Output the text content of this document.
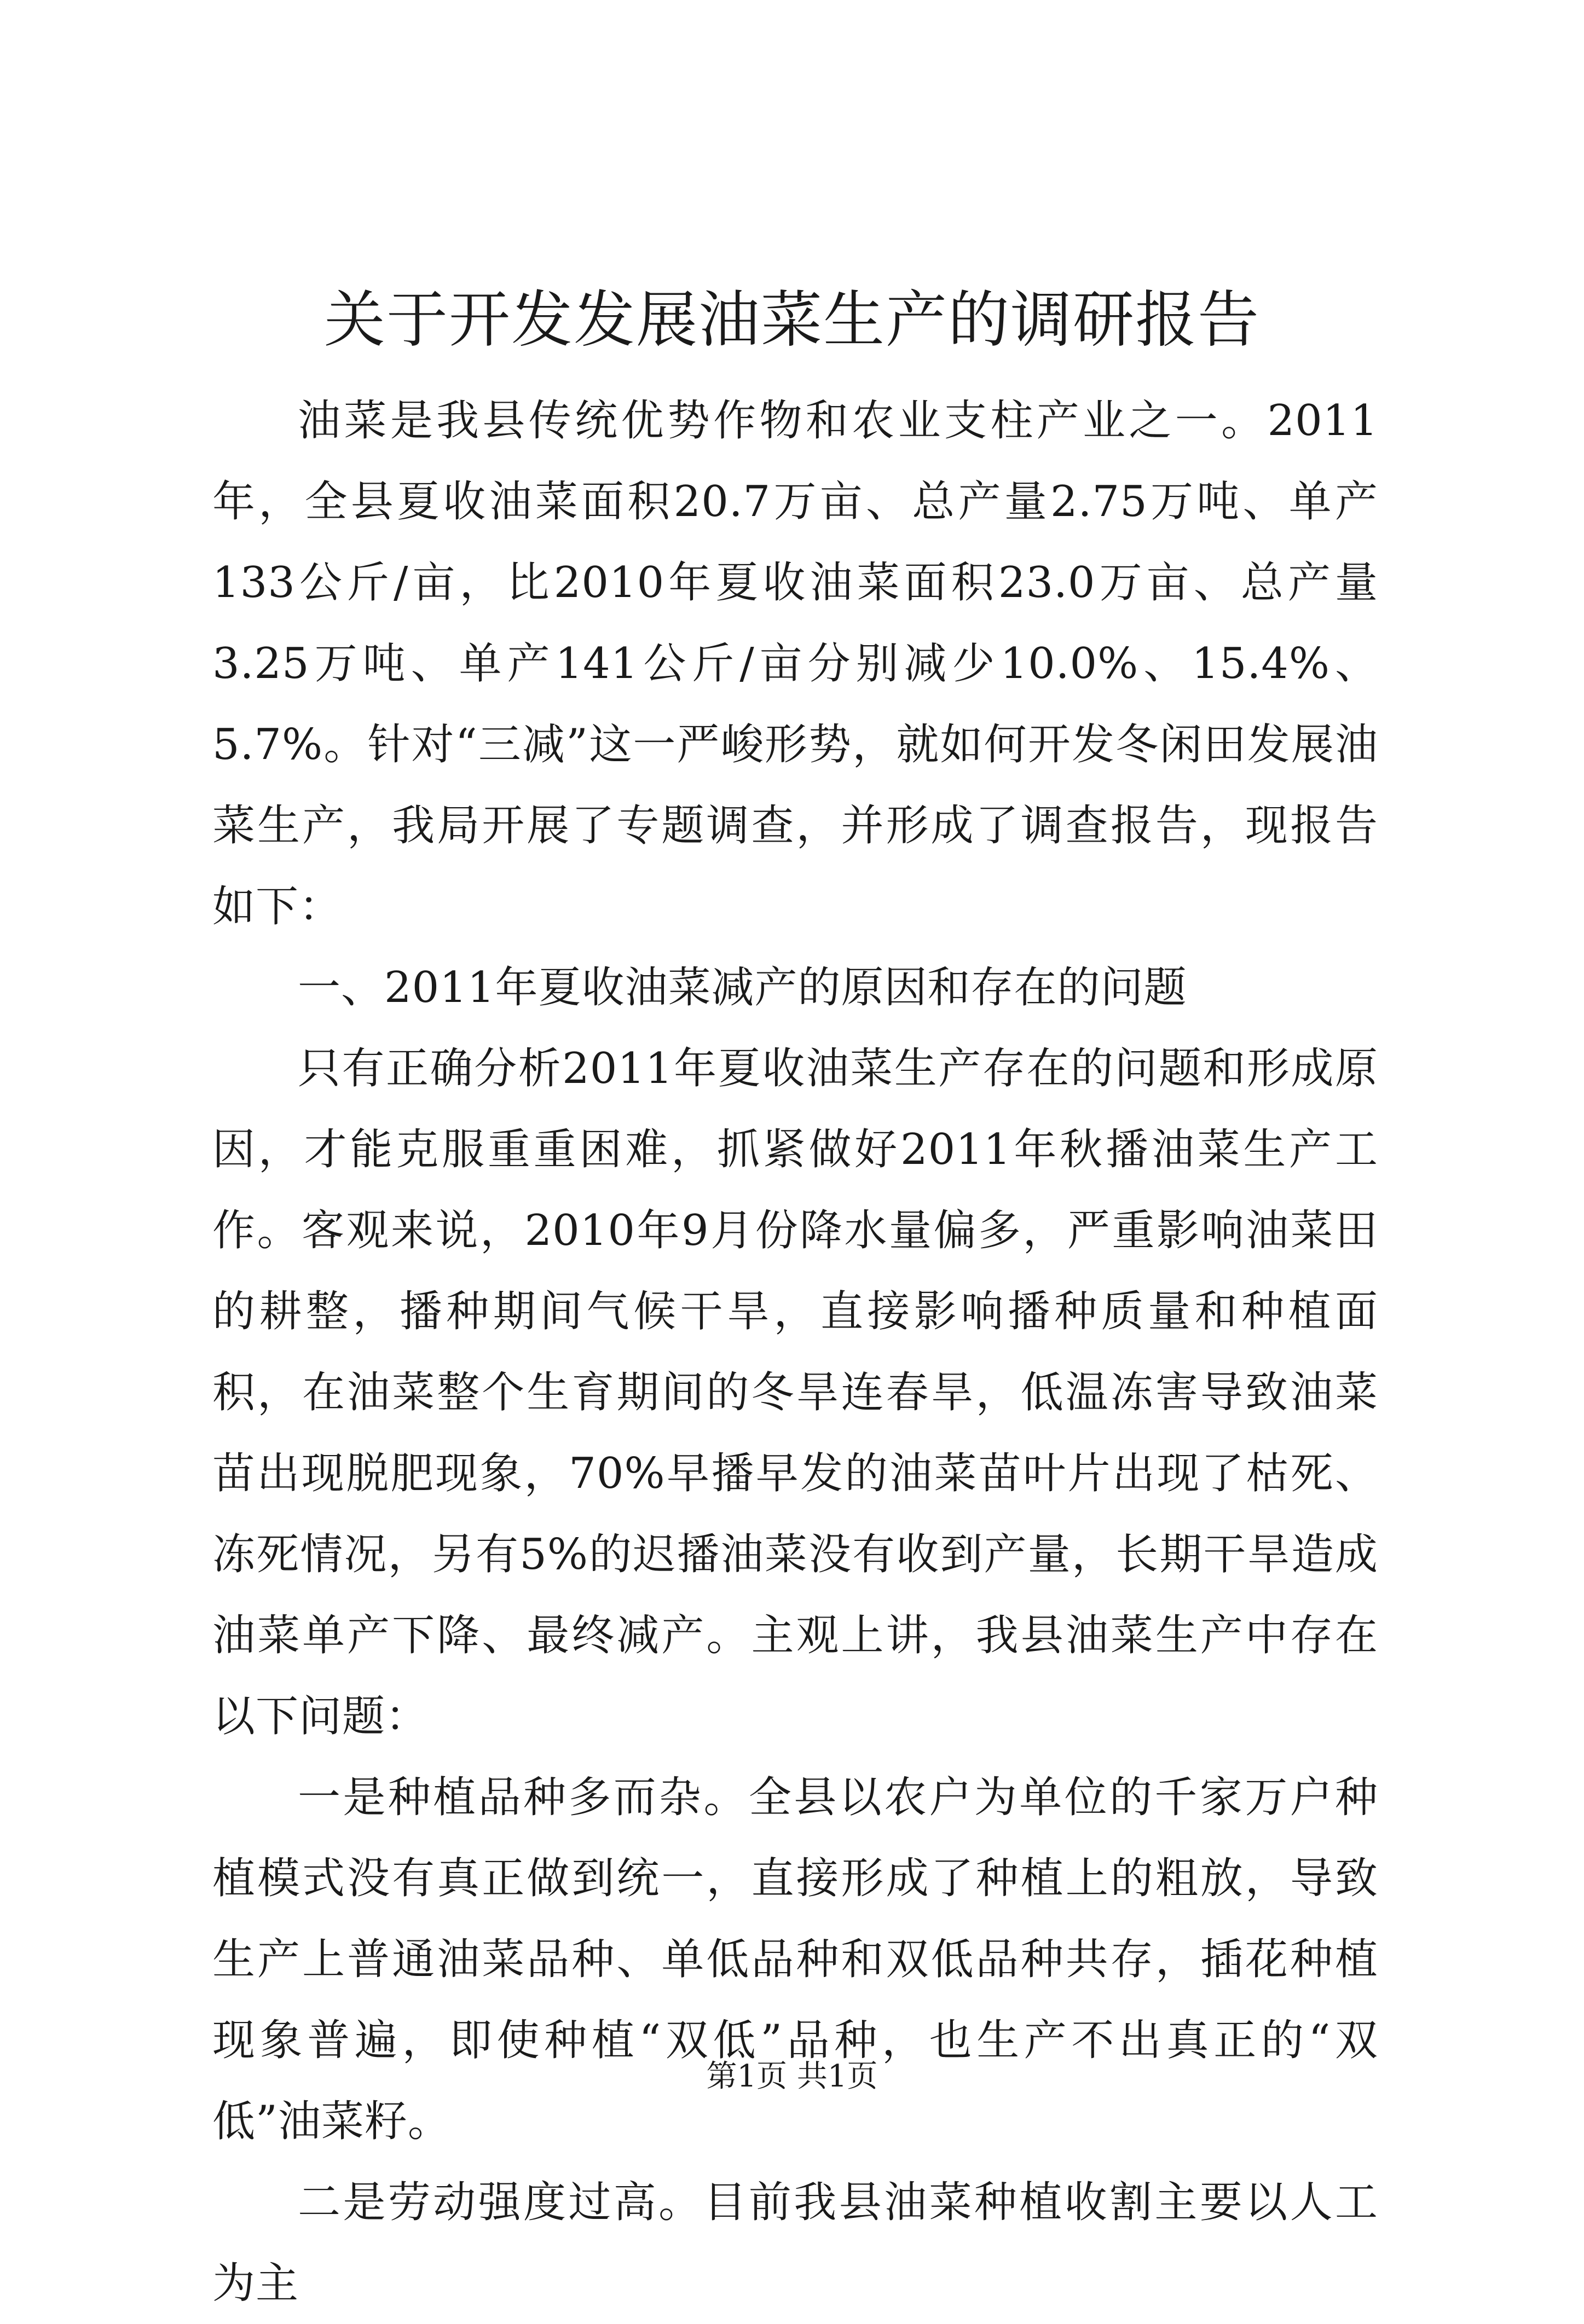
关于开发发展油菜生产的调研报告

油菜是我县传统优势作物和农业支柱产业之一。2011年，全县夏收油菜面积20.7万亩、总产量2.75万吨、单产133公斤/亩，比2010年夏收油菜面积23.0万亩、总产量3.25万吨、单产141公斤/亩分别减少10.0%、15.4%、5.7%。针对“三减”这一严峻形势，就如何开发冬闲田发展油菜生产，我局开展了专题调查，并形成了调查报告，现报告如下：

一、2011年夏收油菜减产的原因和存在的问题

只有正确分析2011年夏收油菜生产存在的问题和形成原因，才能克服重重困难，抓紧做好2011年秋播油菜生产工作。客观来说，2010年9月份降水量偏多，严重影响油菜田的耕整，播种期间气候干旱，直接影响播种质量和种植面积，在油菜整个生育期间的冬旱连春旱，低温冻害导致油菜苗出现脱肥现象，70%早播早发的油菜苗叶片出现了枯死、冻死情况，另有5%的迟播油菜没有收到产量，长期干旱造成油菜单产下降、最终减产。主观上讲，我县油菜生产中存在以下问题：

一是种植品种多而杂。全县以农户为单位的千家万户种植模式没有真正做到统一，直接形成了种植上的粗放，导致生产上普通油菜品种、单低品种和双低品种共存，插花种植现象普遍，即使种植“双低”品种，也生产不出真正的“双低”油菜籽。

二是劳动强度过高。目前我县油菜种植收割主要以人工为主

第1页 共1页
